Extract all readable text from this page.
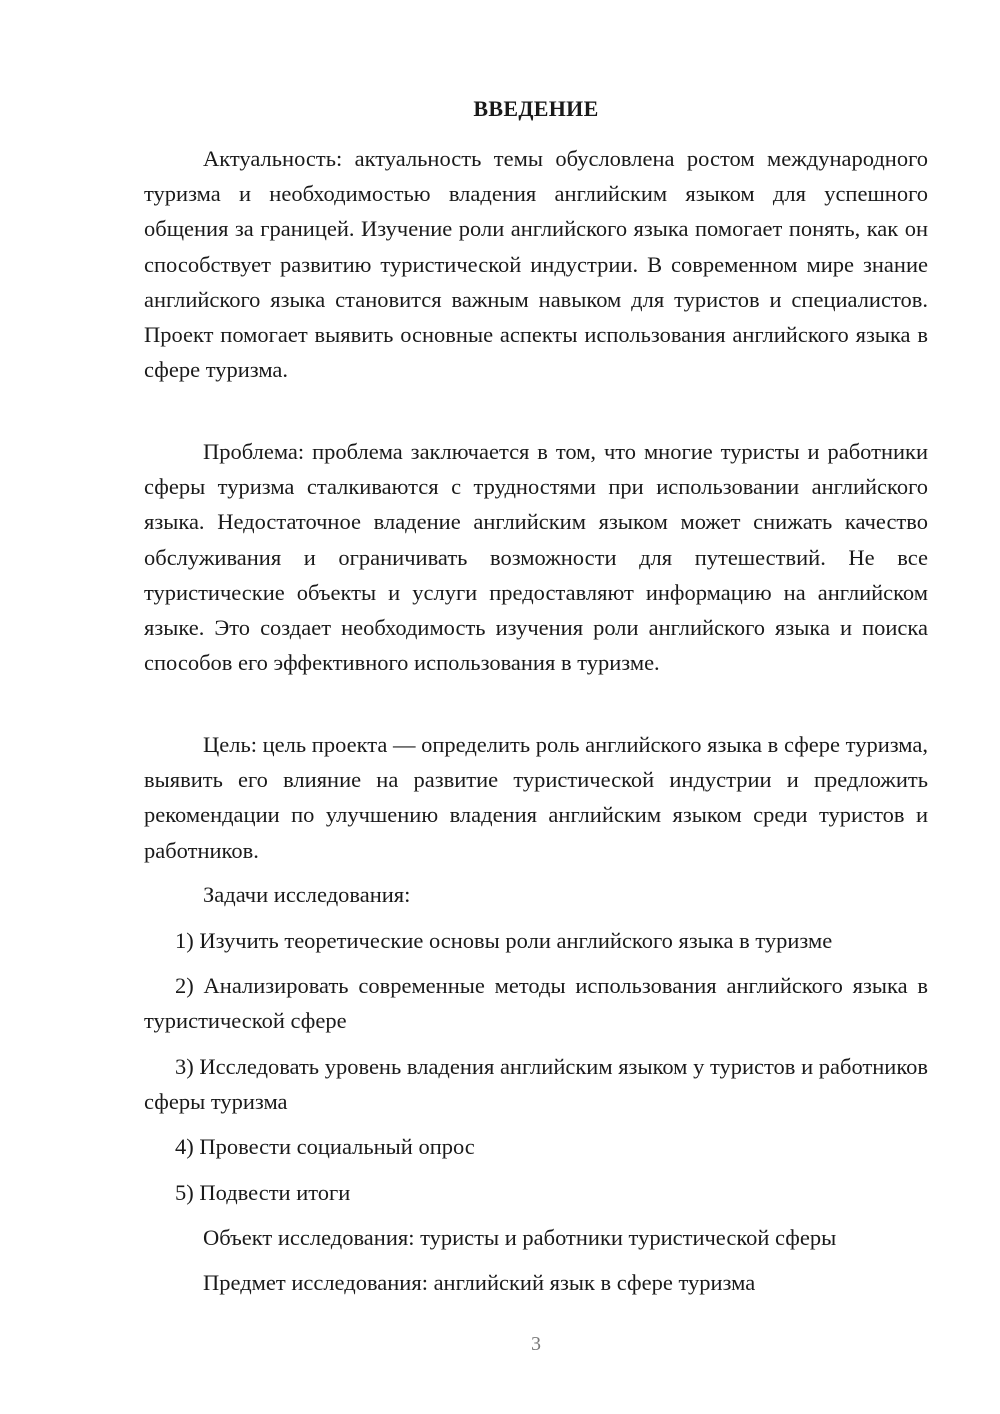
ВВЕДЕНИЕ

Актуальность: актуальность темы обусловлена ростом международного туризма и необходимостью владения английским языком для успешного общения за границей. Изучение роли английского языка помогает понять, как он способствует развитию туристической индустрии. В современном мире знание английского языка становится важным навыком для туристов и специалистов. Проект помогает выявить основные аспекты использования английского языка в сфере туризма.

Проблема: проблема заключается в том, что многие туристы и работники сферы туризма сталкиваются с трудностями при использовании английского языка. Недостаточное владение английским языком может снижать качество обслуживания и ограничивать возможности для путешествий. Не все туристические объекты и услуги предоставляют информацию на английском языке. Это создает необходимость изучения роли английского языка и поиска способов его эффективного использования в туризме.

Цель: цель проекта — определить роль английского языка в сфере туризма, выявить его влияние на развитие туристической индустрии и предложить рекомендации по улучшению владения английским языком среди туристов и работников.

Задачи исследования:
1) Изучить теоретические основы роли английского языка в туризме

2) Анализировать современные методы использования английского языка в туристической сфере

3) Исследовать уровень владения английским языком у туристов и работников сферы туризма

4) Провести социальный опрос
5) Подвести итоги
Объект исследования: туристы и работники туристической сферы
Предмет исследования: английский язык в сфере туризма
3
